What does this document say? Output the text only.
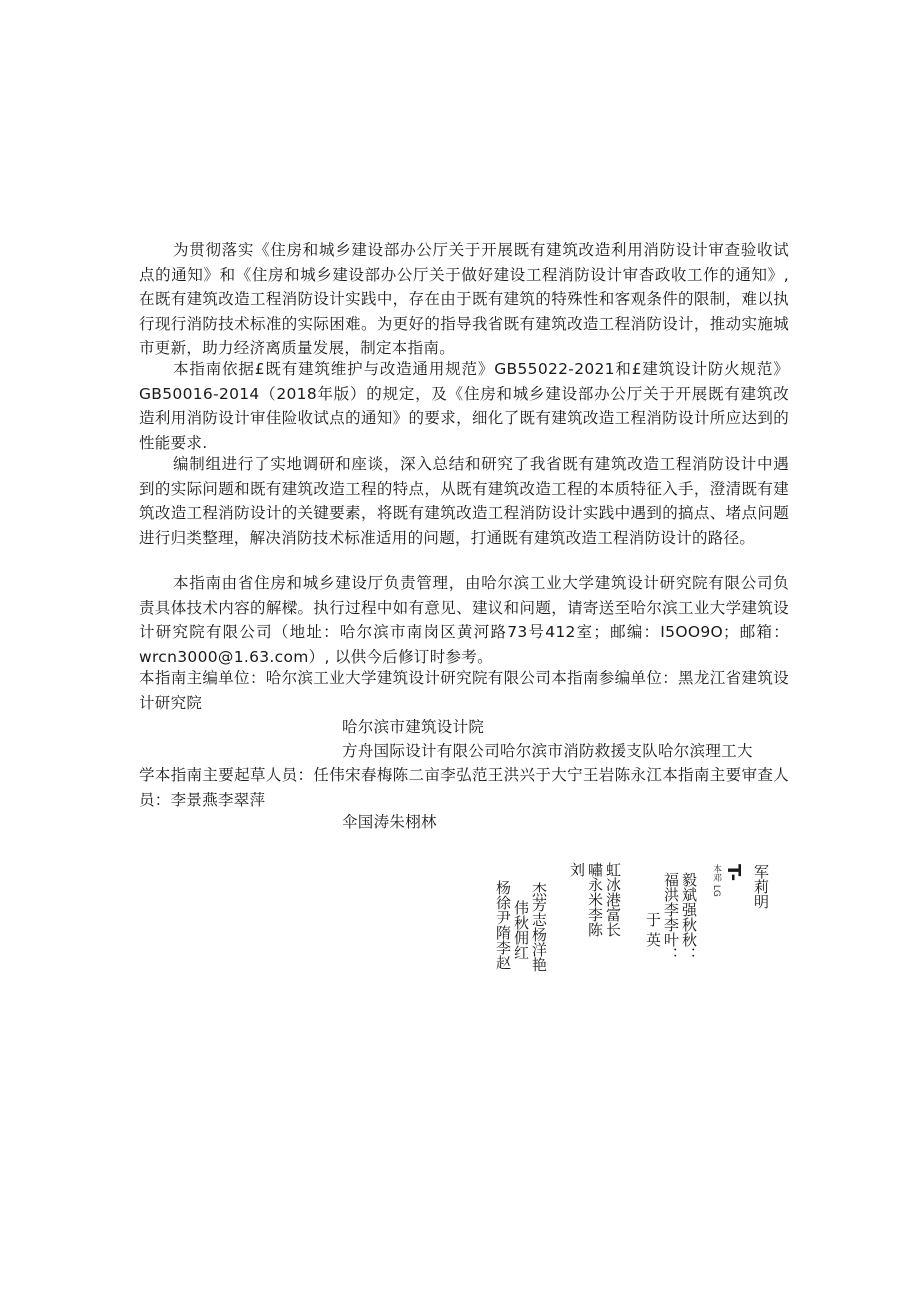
为贯彻落实《住房和城乡建设部办公厅关于开展既有建筑改造利用消防设计审查验收试点的通知》和《住房和城乡建设部办公厅关于做好建设工程消防设计审杳政收工作的通知》, 在既有建筑改造工程消防设计实践中，存在由于既有建筑的特殊性和客观条件的限制，难以执行现行消防技术标准的实际困难。为更好的指导我省既有建筑改造工程消防设计，推动实施城市更新，助力经济离质量发展，制定本指南。

本指南依据£既有建筑维护与改造通用规范》GB55022-2021和£建筑设计防火规范》GB50016-2014（2018年版）的规定，及《住房和城乡建设部办公厅关于开展既有建筑改造利用消防设计审佳险收试点的通知》的要求，细化了既有建筑改造工程消防设计所应达到的性能要求.

编制组进行了实地调研和座谈，深入总结和研究了我省既有建筑改造工程消防设计中遇到的实际问题和既有建筑改造工程的特点，从既有建筑改造工程的本质特征入手，澄清既有建筑改造工程消防设计的关键要素，将既有建筑改造工程消防设计实践中遇到的搞点、堵点问题进行归类整理，解决消防技术标准适用的问题，打通既有建筑改造工程消防设计的路径。

本指南由省住房和城乡建设厅负责管理，由哈尔滨工业大学建筑设计研究院有限公司负责具体技术内容的解樑。执行过程中如有意见、建议和问题，请寄送至哈尔滨工业大学建筑设计研究院有限公司（地址：哈尔滨市南岗区黄河路73号412室；邮编：I5OO9O；邮箱：wrcn3000@1.63.com）, 以供今后修订时参考。

本指南主编单位：哈尔滨工业大学建筑设计研究院有限公司本指南参编单位：黑龙江省建筑设计研究院

哈尔滨市建筑设计院

方舟国际设计有限公司哈尔滨市消防救援支队哈尔滨理工大

学本指南主要起草人员：任伟宋春梅陈二亩李弘范王洪兴于大宁王岩陈永江本指南主要审查人员：李景燕李翠萍

伞国涛朱栩林

军莉明
T-
本邓 LG
毅斌强秋秋：
福洪李李叶：
于 英
虹冰港富长
嘯永米李陈
刘
杰芳志杨洋艳
伟秋佣红
杨徐尹隋李赵
